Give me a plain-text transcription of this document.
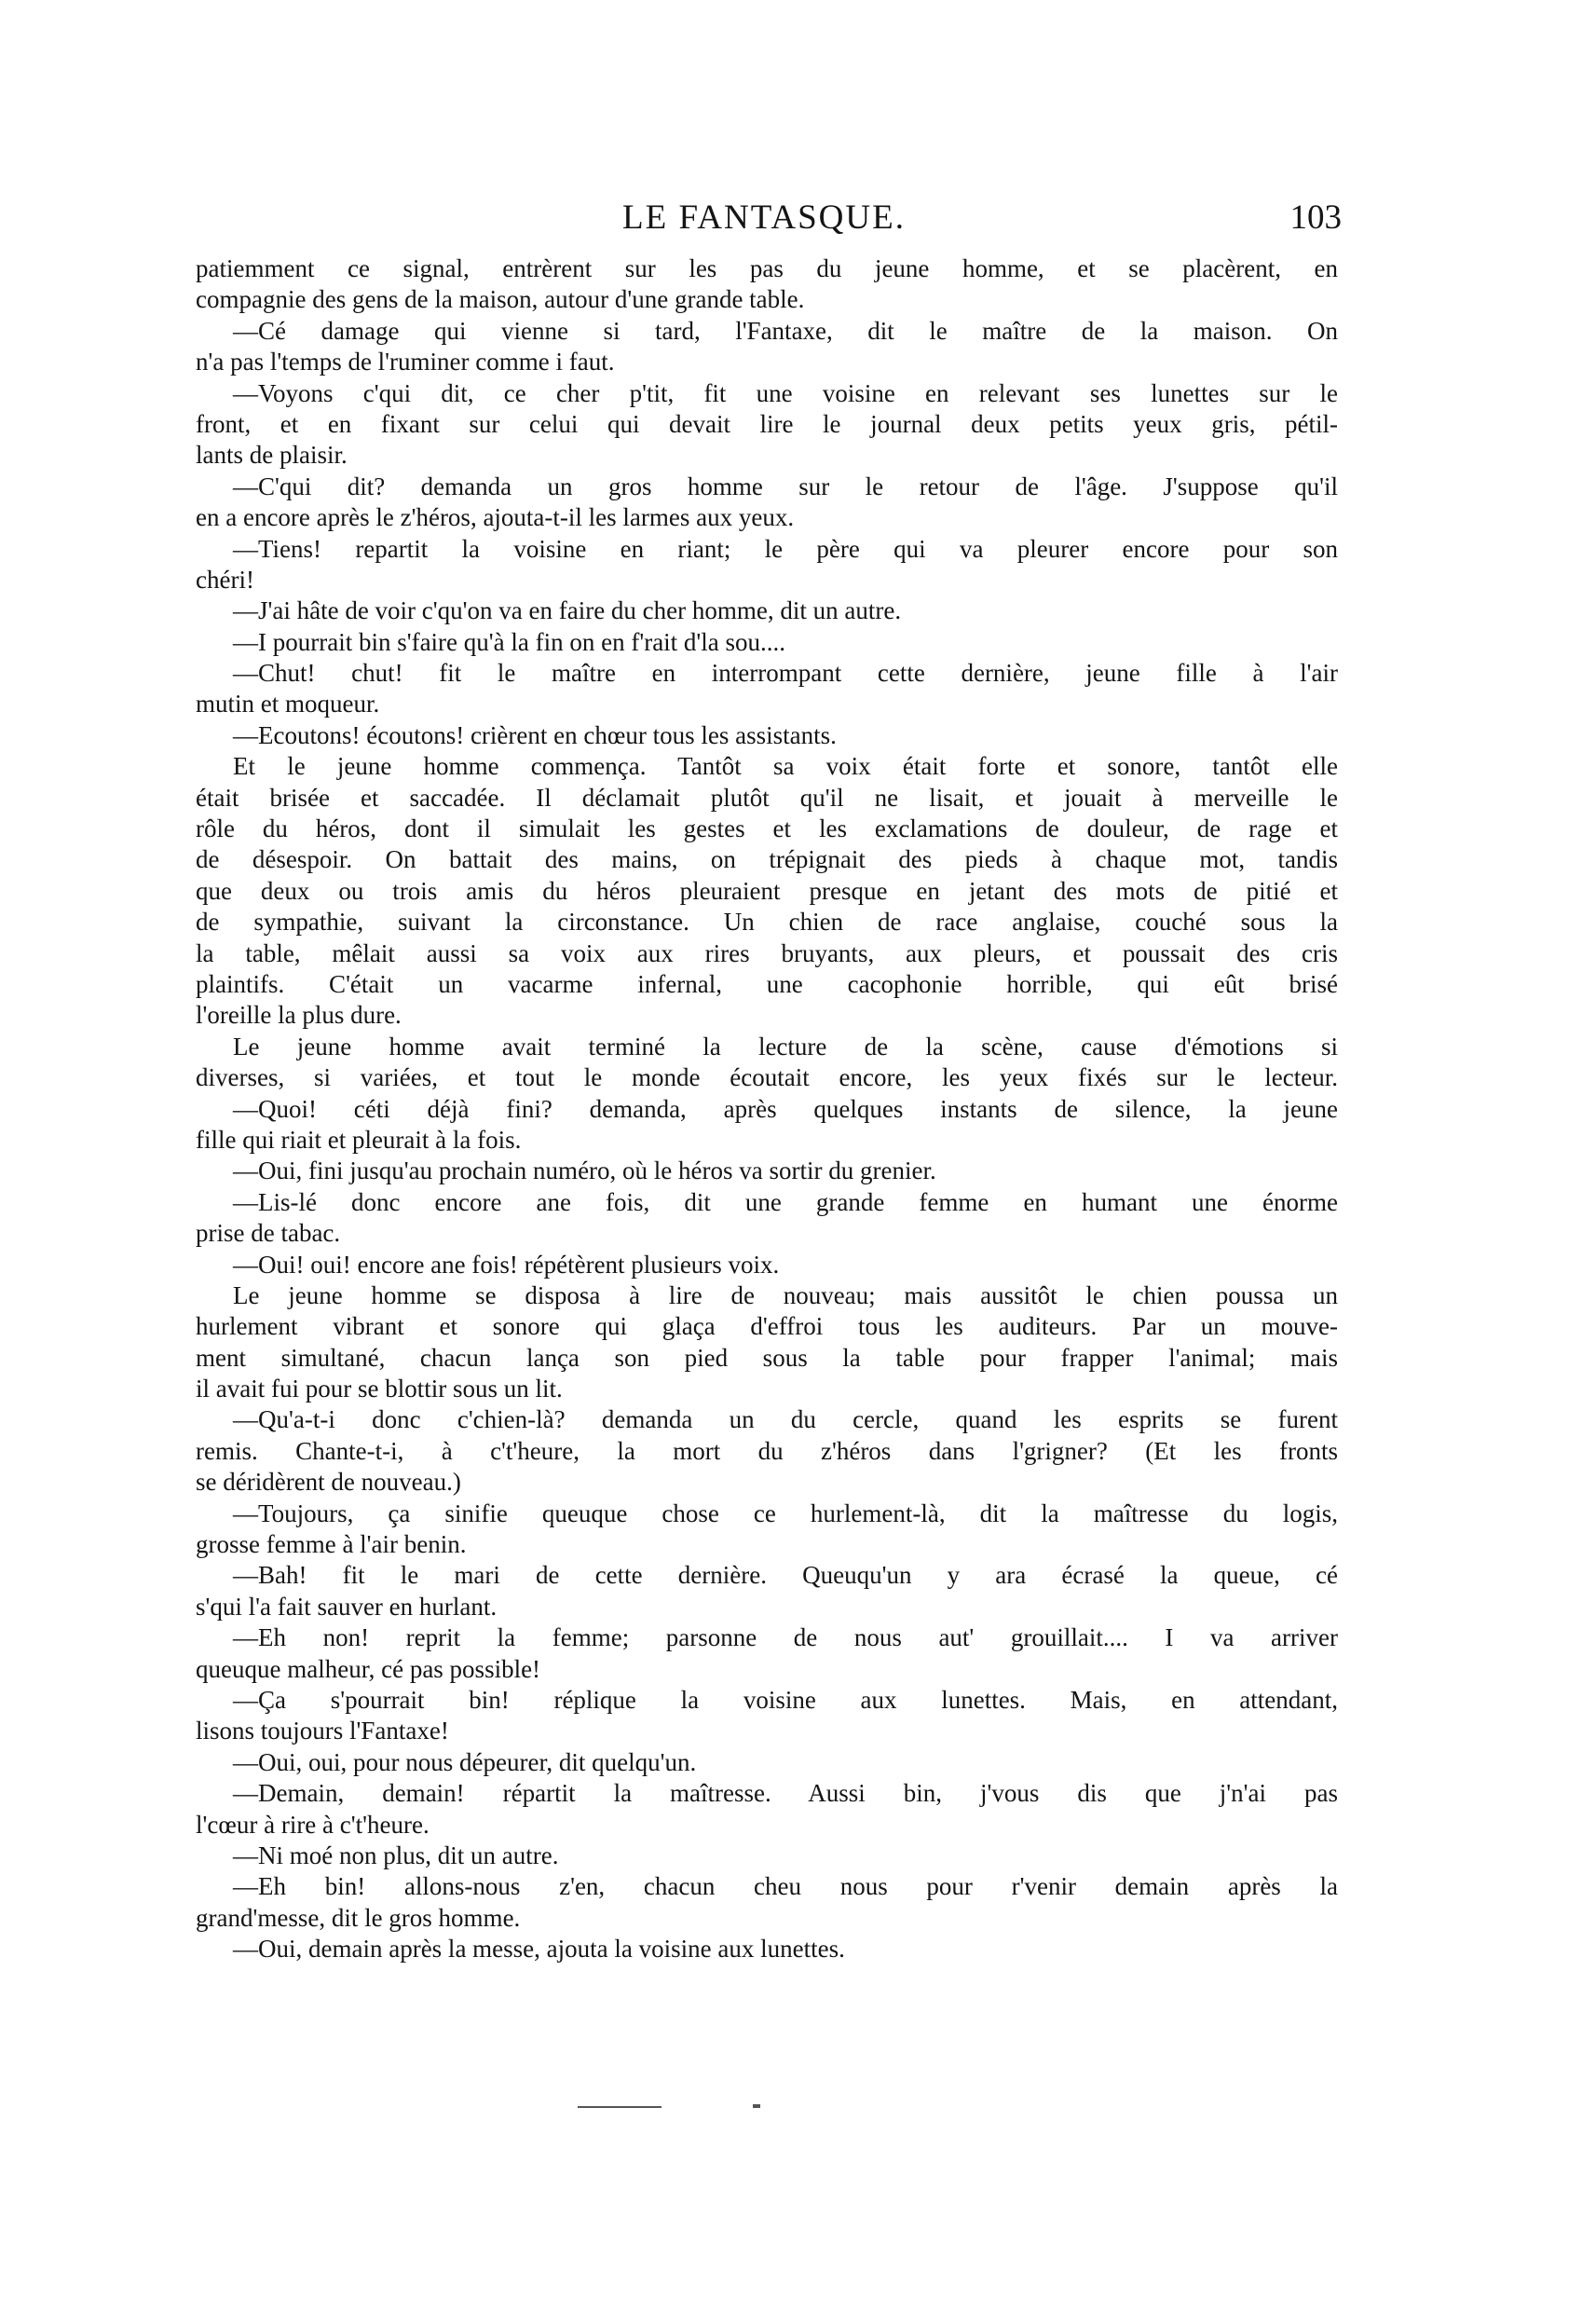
LE FANTASQUE.	103
patiemment ce signal, entrèrent sur les pas du jeune homme, et se placèrent, en
compagnie des gens de la maison, autour d'une grande table.
—Cé damage qui vienne si tard, l'Fantaxe, dit le maître de la maison. On
n'a pas l'temps de l'ruminer comme i faut.
—Voyons c'qui dit, ce cher p'tit, fit une voisine en relevant ses lunettes sur le
front, et en fixant sur celui qui devait lire le journal deux petits yeux gris, pétil-
lants de plaisir.
—C'qui dit? demanda un gros homme sur le retour de l'âge. J'suppose qu'il
en a encore après le z'héros, ajouta-t-il les larmes aux yeux.
—Tiens! repartit la voisine en riant; le père qui va pleurer encore pour son
chéri!
—J'ai hâte de voir c'qu'on va en faire du cher homme, dit un autre.
—I pourrait bin s'faire qu'à la fin on en f'rait d'la sou....
—Chut! chut! fit le maître en interrompant cette dernière, jeune fille à l'air
mutin et moqueur.
—Ecoutons! écoutons! crièrent en chœur tous les assistants.
Et le jeune homme commença. Tantôt sa voix était forte et sonore, tantôt elle
était brisée et saccadée. Il déclamait plutôt qu'il ne lisait, et jouait à merveille le
rôle du héros, dont il simulait les gestes et les exclamations de douleur, de rage et
de désespoir. On battait des mains, on trépignait des pieds à chaque mot, tandis
que deux ou trois amis du héros pleuraient presque en jetant des mots de pitié et
de sympathie, suivant la circonstance. Un chien de race anglaise, couché sous la
la table, mêlait aussi sa voix aux rires bruyants, aux pleurs, et poussait des cris
plaintifs. C'était un vacarme infernal, une cacophonie horrible, qui eût brisé
l'oreille la plus dure.
Le jeune homme avait terminé la lecture de la scène, cause d'émotions si
diverses, si variées, et tout le monde écoutait encore, les yeux fixés sur le lecteur.
—Quoi! céti déjà fini? demanda, après quelques instants de silence, la jeune
fille qui riait et pleurait à la fois.
—Oui, fini jusqu'au prochain numéro, où le héros va sortir du grenier.
—Lis-lé donc encore ane fois, dit une grande femme en humant une énorme
prise de tabac.
—Oui! oui! encore ane fois! répétèrent plusieurs voix.
Le jeune homme se disposa à lire de nouveau; mais aussitôt le chien poussa un
hurlement vibrant et sonore qui glaça d'effroi tous les auditeurs. Par un mouve-
ment simultané, chacun lança son pied sous la table pour frapper l'animal; mais
il avait fui pour se blottir sous un lit.
—Qu'a-t-i donc c'chien-là? demanda un du cercle, quand les esprits se furent
remis. Chante-t-i, à c't'heure, la mort du z'héros dans l'grigner? (Et les fronts
se déridèrent de nouveau.)
—Toujours, ça sinifie queuque chose ce hurlement-là, dit la maîtresse du logis,
grosse femme à l'air benin.
—Bah! fit le mari de cette dernière. Queuqu'un y ara écrasé la queue, cé
s'qui l'a fait sauver en hurlant.
—Eh non! reprit la femme; parsonne de nous aut' grouillait.... I va arriver
queuque malheur, cé pas possible!
—Ça s'pourrait bin! réplique la voisine aux lunettes. Mais, en attendant,
lisons toujours l'Fantaxe!
—Oui, oui, pour nous dépeurer, dit quelqu'un.
—Demain, demain! répartit la maîtresse. Aussi bin, j'vous dis que j'n'ai pas
l'cœur à rire à c't'heure.
—Ni moé non plus, dit un autre.
—Eh bin! allons-nous z'en, chacun cheu nous pour r'venir demain après la
grand'messe, dit le gros homme.
—Oui, demain après la messe, ajouta la voisine aux lunettes.
